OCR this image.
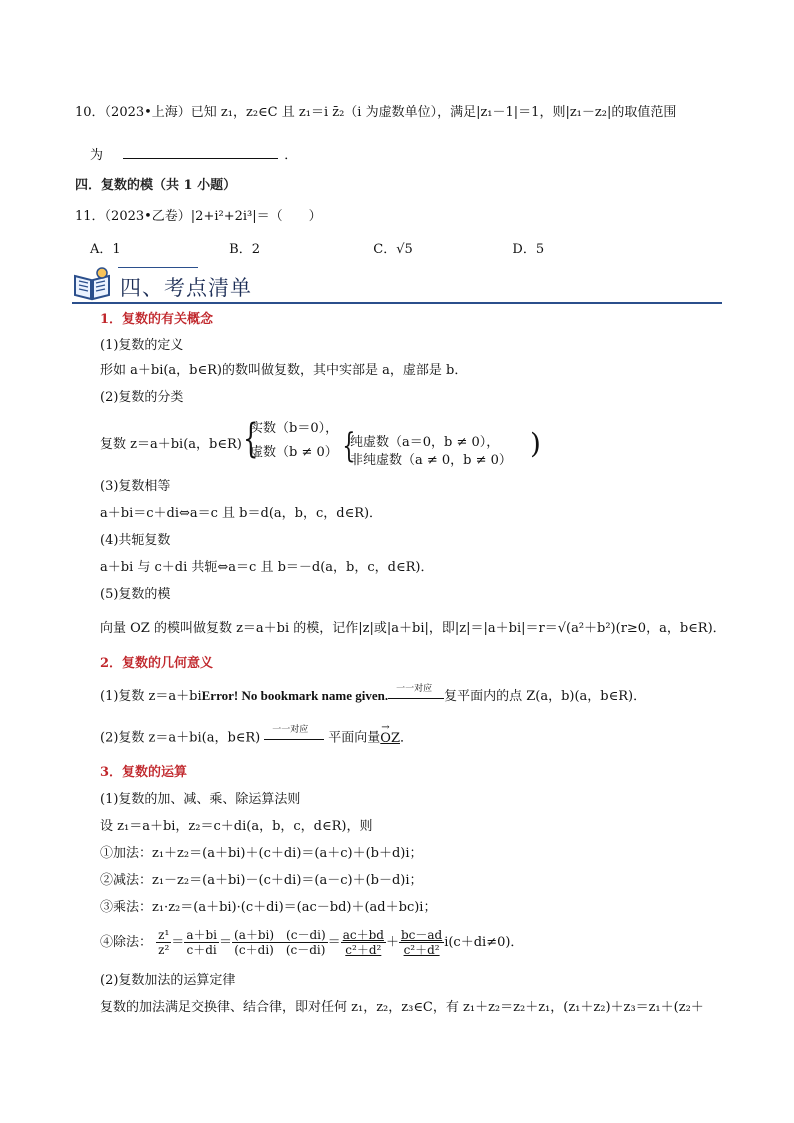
10．（2023•上海）已知 z₁，z₂∈C 且 z₁＝i z̄₂（i 为虚数单位），满足|z₁－1|＝1，则|z₁－z₂|的取值范围
为	．
四．复数的模（共 1 小题）
11．（2023•乙卷）|2+i²+2i³|＝（　　）
A．1	B．2	C．√5	D．5
四、考点清单
1．复数的有关概念
(1)复数的定义
形如 a＋bi(a，b∈R)的数叫做复数，其中实部是 a，虚部是 b．
(2)复数的分类
复数 z＝a＋bi(a，b∈R) {
实数（b＝0），
虚数（b ≠ 0） {
纯虚数（a＝0，b ≠ 0），
非纯虚数（a ≠ 0，b ≠ 0）
)
(3)复数相等
a＋bi＝c＋di⇔a＝c 且 b＝d(a，b，c，d∈R)．
(4)共轭复数
a＋bi 与 c＋di 共轭⇔a＝c 且 b＝－d(a，b，c，d∈R)．
(5)复数的模
向量 OZ 的模叫做复数 z＝a＋bi 的模，记作|z|或|a＋bi|，即|z|＝|a＋bi|＝r＝√(a²＋b²)(r≥0，a，b∈R)．
2．复数的几何意义
(1)复数 z＝a＋biError! No bookmark name given. 一一对应
复平面内的点 Z(a，b)(a，b∈R)．
(2)复数 z＝a＋bi(a，b∈R)
一一对应
平面向量→ OZ．
3．复数的运算
(1)复数的加、减、乘、除运算法则
设 z₁＝a＋bi，z₂＝c＋di(a，b，c，d∈R)，则
①加法：z₁＋z₂＝(a＋bi)＋(c＋di)＝(a＋c)＋(b＋d)i；
②减法：z₁－z₂＝(a＋bi)－(c＋di)＝(a－c)＋(b－d)i；
③乘法：z₁·z₂＝(a＋bi)·(c＋di)＝(ac－bd)＋(ad＋bc)i；
④除法： $\frac{\text{z¹}}{\text{z²}} = \frac{a+bi}{c+di} = \frac{(a+bi) (c-di)}{(c+di) (c-di)} = \frac{ac+bd}{\text{c²＋d²}} + \frac{bc-ad}{\text{c²＋d²}} i(c+di\ne 0)$．
(2)复数加法的运算定律
复数的加法满足交换律、结合律，即对任何 z₁，z₂，z₃∈C，有 z₁＋z₂＝z₂＋z₁，(z₁＋z₂)＋z₃＝z₁＋(z₂＋
